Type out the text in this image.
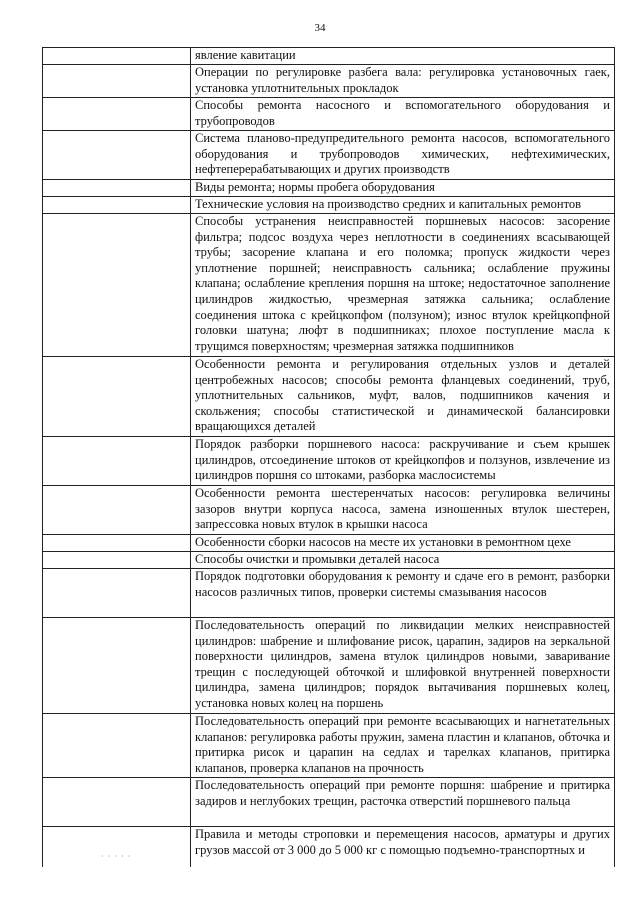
34
явление кавитации
Операции по регулировке разбега вала: регулировка установочных гаек, установка уплотнительных прокладок
Способы ремонта насосного и вспомогательного оборудования и трубопроводов
Система планово-предупредительного ремонта насосов, вспомогательного оборудования и трубопроводов химических, нефтехимических, нефтеперерабатывающих и других производств
Виды ремонта; нормы пробега оборудования
Технические условия на производство средних и капитальных ремонтов
Способы устранения неисправностей поршневых насосов: засорение фильтра; подсос воздуха через неплотности в соединениях всасывающей трубы; засорение клапана и его поломка; пропуск жидкости через уплотнение поршней; неисправность сальника; ослабление пружины клапана; ослабление крепления поршня на штоке; недостаточное заполнение цилиндров жидкостью, чрезмерная затяжка сальника; ослабление соединения штока с крейцкопфом (ползуном); износ втулок крейцкопфной головки шатуна; люфт в подшипниках; плохое поступление масла к трущимся поверхностям; чрезмерная затяжка подшипников
Особенности ремонта и регулирования отдельных узлов и деталей центробежных насосов; способы ремонта фланцевых соединений, труб, уплотнительных сальников, муфт, валов, подшипников качения и скольжения; способы статистической и динамической балансировки вращающихся деталей
Порядок разборки поршневого насоса: раскручивание и съем крышек цилиндров, отсоединение штоков от крейцкопфов и ползунов, извлечение из цилиндров поршня со штоками, разборка маслосистемы
Особенности ремонта шестеренчатых насосов: регулировка величины зазоров внутри корпуса насоса, замена изношенных втулок шестерен, запрессовка новых втулок в крышки насоса
Особенности сборки насосов на месте их установки в ремонтном цехе
Способы очистки и промывки деталей насоса
Порядок подготовки оборудования к ремонту и сдаче его в ремонт, разборки насосов различных типов, проверки системы смазывания насосов
Последовательность операций по ликвидации мелких неисправностей цилиндров: шабрение и шлифование рисок, царапин, задиров на зеркальной поверхности цилиндров, замена втулок цилиндров новыми, заваривание трещин с последующей обточкой и шлифовкой внутренней поверхности цилиндра, замена цилиндров; порядок вытачивания поршневых колец, установка новых колец на поршень
Последовательность операций при ремонте всасывающих и нагнетательных клапанов: регулировка работы пружин, замена пластин и клапанов, обточка и притирка рисок и царапин на седлах и тарелках клапанов, притирка клапанов, проверка клапанов на прочность
Последовательность операций при ремонте поршня: шабрение и притирка задиров и неглубоких трещин, расточка отверстий поршневого пальца
· · · · ·
Правила и методы строповки и перемещения насосов, арматуры и других грузов массой от 3 000 до 5 000 кг с помощью подъемно-транспортных и
